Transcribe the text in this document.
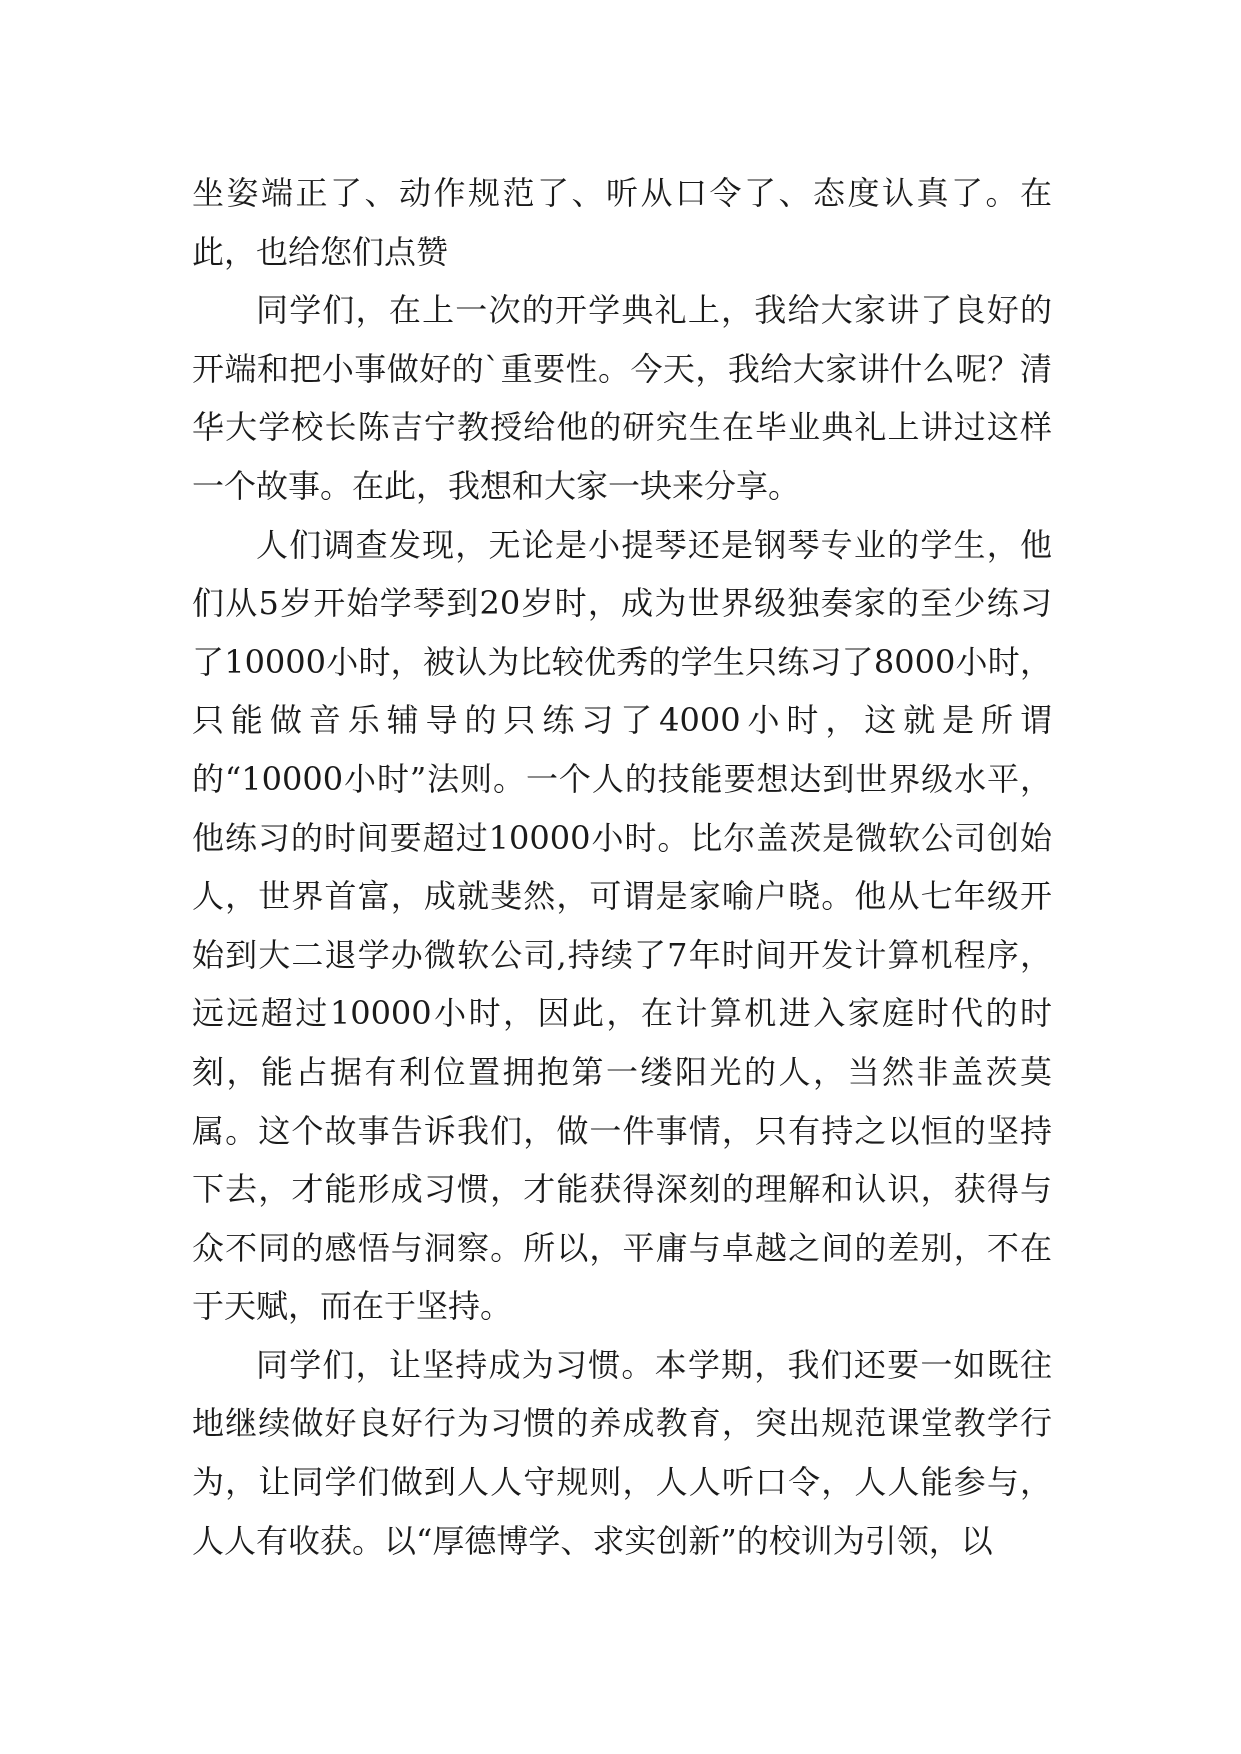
坐姿端正了、动作规范了、听从口令了、态度认真了。在此，也给您们点赞

同学们，在上一次的开学典礼上，我给大家讲了良好的开端和把小事做好的`重要性。今天，我给大家讲什么呢？清华大学校长陈吉宁教授给他的研究生在毕业典礼上讲过这样一个故事。在此，我想和大家一块来分享。

人们调查发现，无论是小提琴还是钢琴专业的学生，他们从5岁开始学琴到20岁时，成为世界级独奏家的至少练习了10000小时，被认为比较优秀的学生只练习了8000小时，只能做音乐辅导的只练习了4000小时，这就是所谓的“10000小时”法则。一个人的技能要想达到世界级水平，他练习的时间要超过10000小时。比尔盖茨是微软公司创始人，世界首富，成就斐然，可谓是家喻户晓。他从七年级开始到大二退学办微软公司,持续了7年时间开发计算机程序，远远超过10000小时，因此，在计算机进入家庭时代的时刻，能占据有利位置拥抱第一缕阳光的人，当然非盖茨莫属。这个故事告诉我们，做一件事情，只有持之以恒的坚持下去，才能形成习惯，才能获得深刻的理解和认识，获得与众不同的感悟与洞察。所以，平庸与卓越之间的差别，不在于天赋，而在于坚持。

同学们，让坚持成为习惯。本学期，我们还要一如既往地继续做好良好行为习惯的养成教育，突出规范课堂教学行为，让同学们做到人人守规则，人人听口令，人人能参与，人人有收获。以“厚德博学、求实创新”的校训为引领，以
